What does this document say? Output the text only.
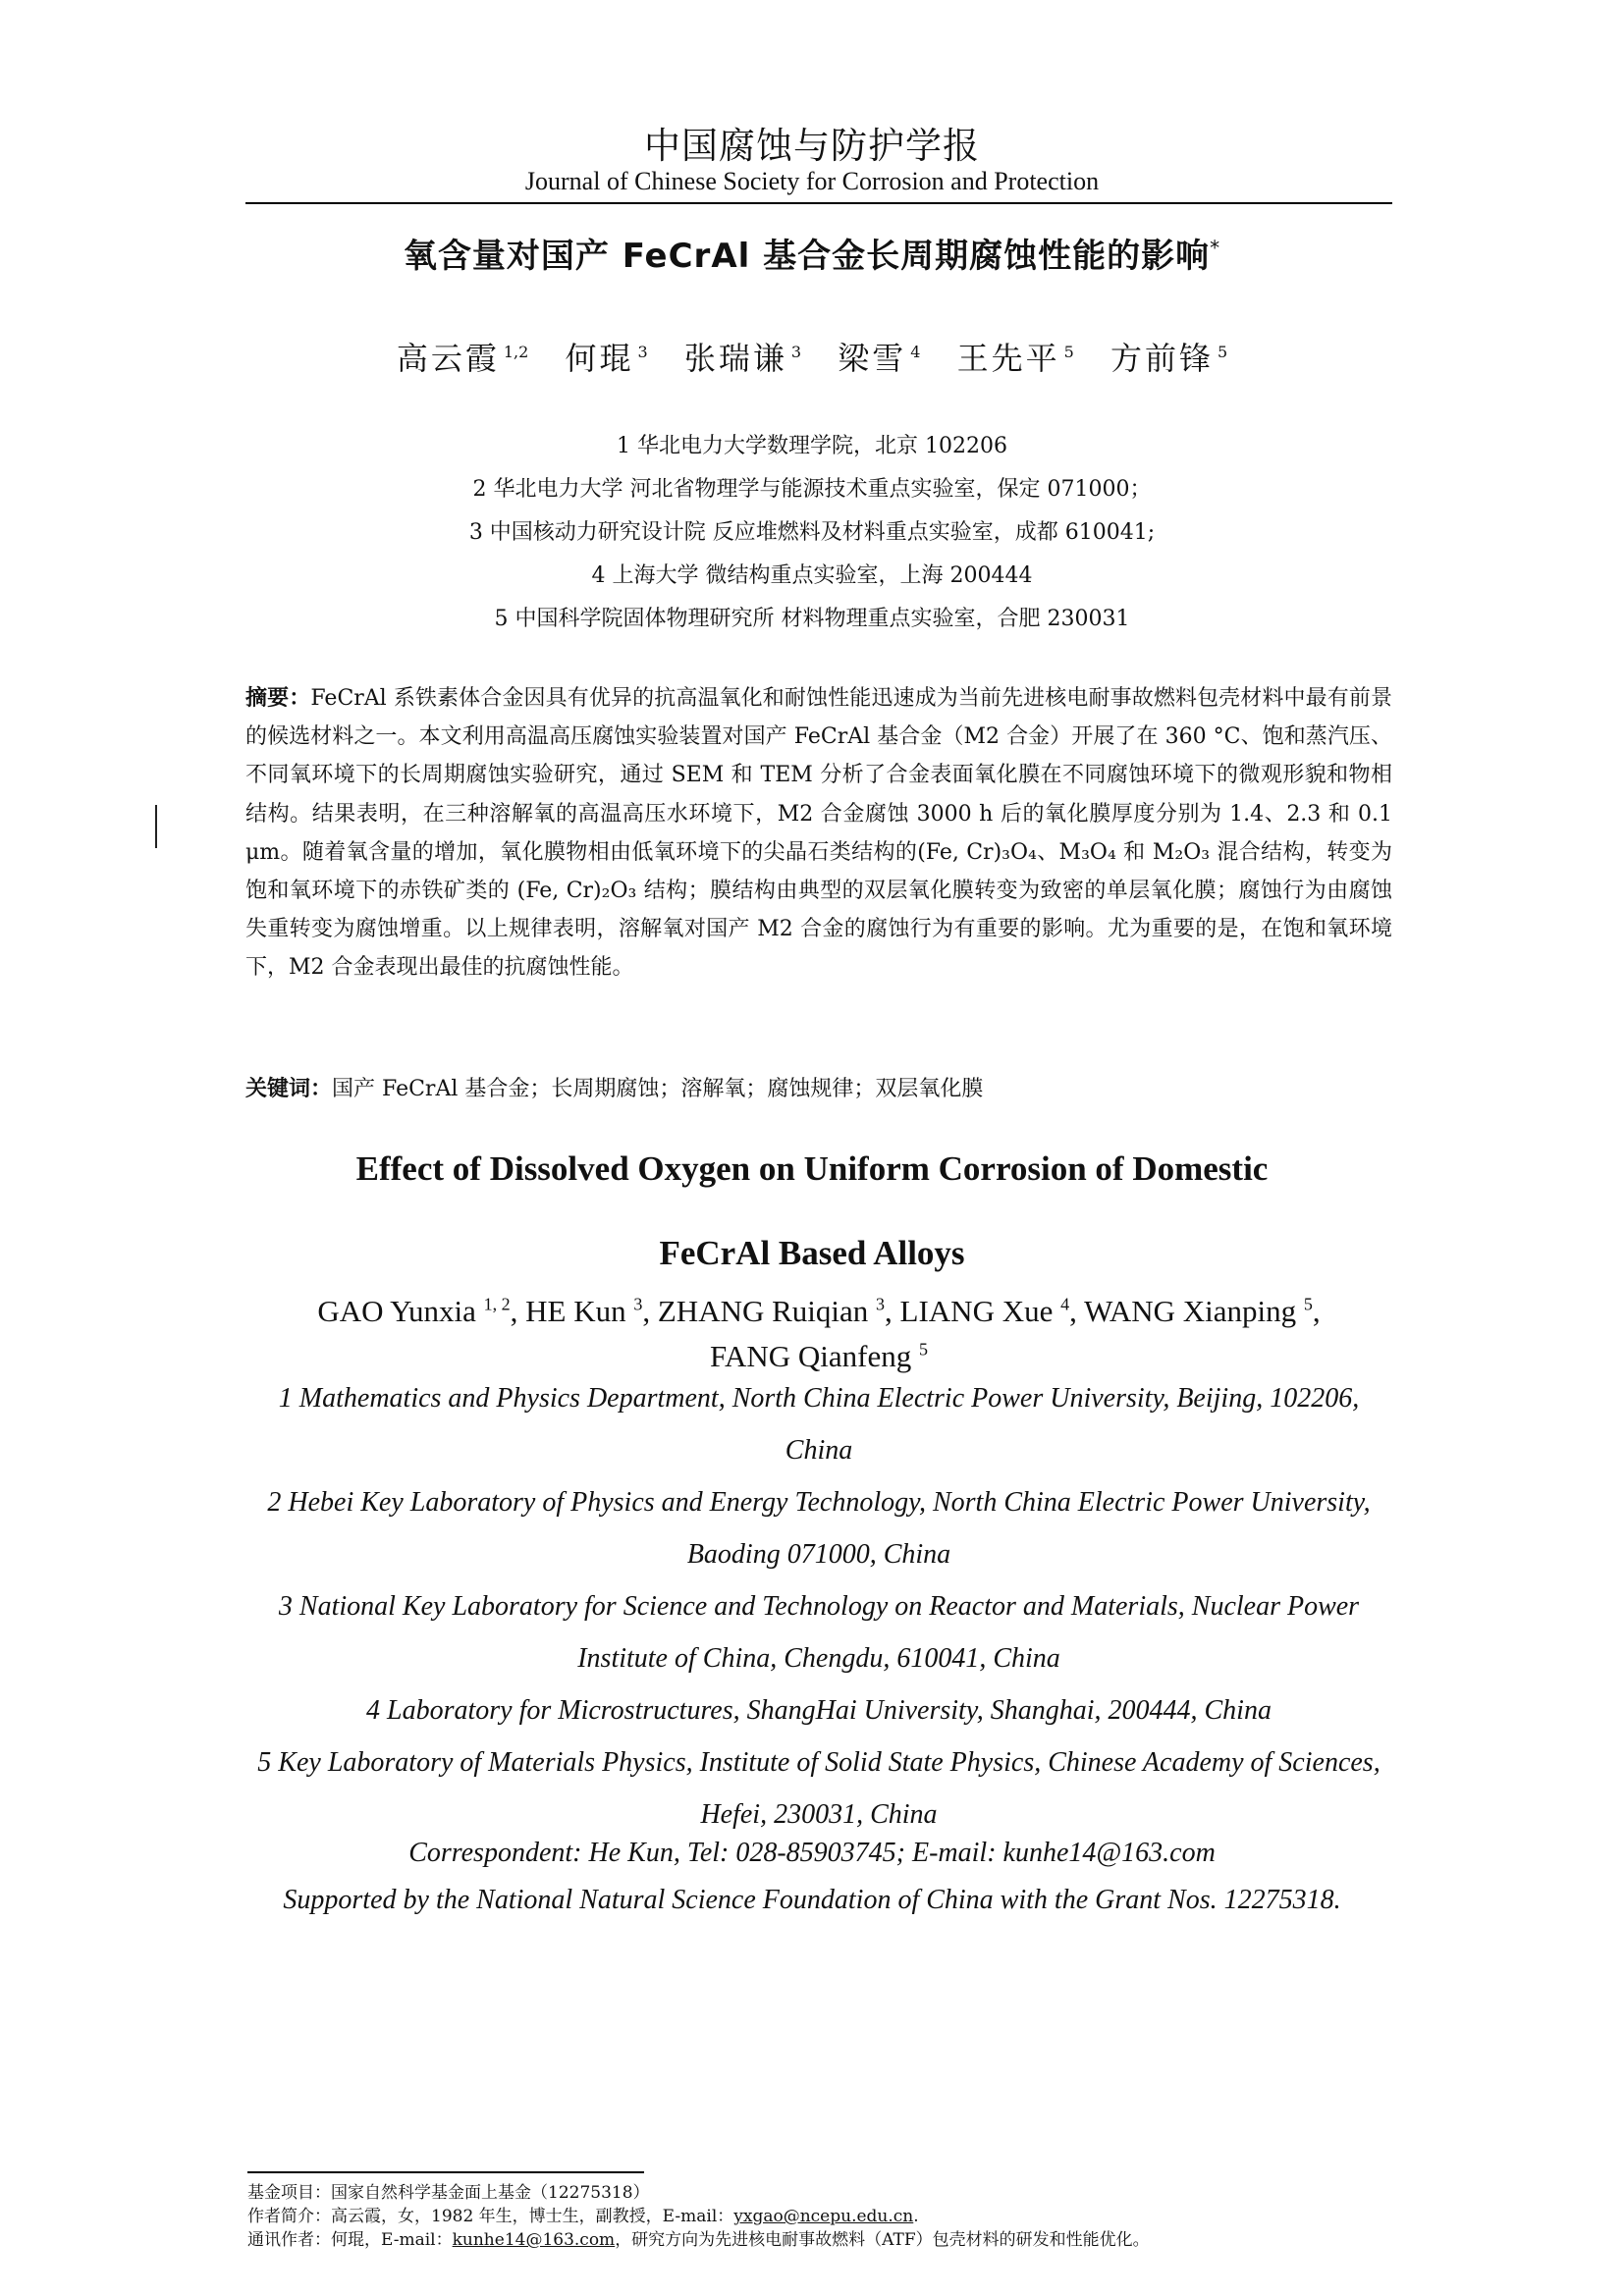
中国腐蚀与防护学报
Journal of Chinese Society for Corrosion and Protection
氧含量对国产 FeCrAl 基合金长周期腐蚀性能的影响*
高云霞 $^{1,2}$ 何琨 $^3$ 张瑞谦 $^3$ 梁雪 $^4$ 王先平 $^5$ 方前锋 $^5$
1 华北电力大学数理学院，北京 102206
2 华北电力大学 河北省物理学与能源技术重点实验室，保定 071000；
3 中国核动力研究设计院 反应堆燃料及材料重点实验室，成都 610041;
4 上海大学 微结构重点实验室，上海 200444
5 中国科学院固体物理研究所 材料物理重点实验室，合肥 230031
摘要：FeCrAl 系铁素体合金因具有优异的抗高温氧化和耐蚀性能迅速成为当前先进核电耐事故燃料包壳材料中最有前景的候选材料之一。本文利用高温高压腐蚀实验装置对国产 FeCrAl 基合金（M2 合金）开展了在 360 °C、饱和蒸汽压、不同氧环境下的长周期腐蚀实验研究，通过 SEM 和 TEM 分析了合金表面氧化膜在不同腐蚀环境下的微观形貌和物相结构。结果表明，在三种溶解氧的高温高压水环境下，M2 合金腐蚀 3000 h 后的氧化膜厚度分别为 1.4、2.3 和 0.1 μm。随着氧含量的增加，氧化膜物相由低氧环境下的尖晶石类结构的(Fe, Cr)₃O₄、M₃O₄ 和 M₂O₃ 混合结构，转变为饱和氧环境下的赤铁矿类的 (Fe, Cr)₂O₃ 结构；膜结构由典型的双层氧化膜转变为致密的单层氧化膜；腐蚀行为由腐蚀失重转变为腐蚀增重。以上规律表明，溶解氧对国产 M2 合金的腐蚀行为有重要的影响。尤为重要的是，在饱和氧环境下，M2 合金表现出最佳的抗腐蚀性能。
关键词：国产 FeCrAl 基合金；长周期腐蚀；溶解氧；腐蚀规律；双层氧化膜
Effect of Dissolved Oxygen on Uniform Corrosion of Domestic
FeCrAl Based Alloys
GAO Yunxia $^{1, 2}$, HE Kun $^3$, ZHANG Ruiqian $^3$, LIANG Xue $^4$, WANG Xianping $^5$,
FANG Qianfeng $^5$
1 Mathematics and Physics Department, North China Electric Power University, Beijing, 102206, China
2 Hebei Key Laboratory of Physics and Energy Technology, North China Electric Power University, Baoding 071000, China
3 National Key Laboratory for Science and Technology on Reactor and Materials, Nuclear Power Institute of China, Chengdu, 610041, China
4 Laboratory for Microstructures, ShangHai University, Shanghai, 200444, China
5 Key Laboratory of Materials Physics, Institute of Solid State Physics, Chinese Academy of Sciences, Hefei, 230031, China
Correspondent: He Kun, Tel: 028-85903745; E-mail: kunhe14@163.com
Supported by the National Natural Science Foundation of China with the Grant Nos. 12275318.
基金项目：国家自然科学基金面上基金（12275318）
作者简介：高云霞，女，1982 年生，博士生，副教授，E-mail：yxgao@ncepu.edu.cn.
通讯作者：何琨，E-mail：kunhe14@163.com，研究方向为先进核电耐事故燃料（ATF）包壳材料的研发和性能优化。
